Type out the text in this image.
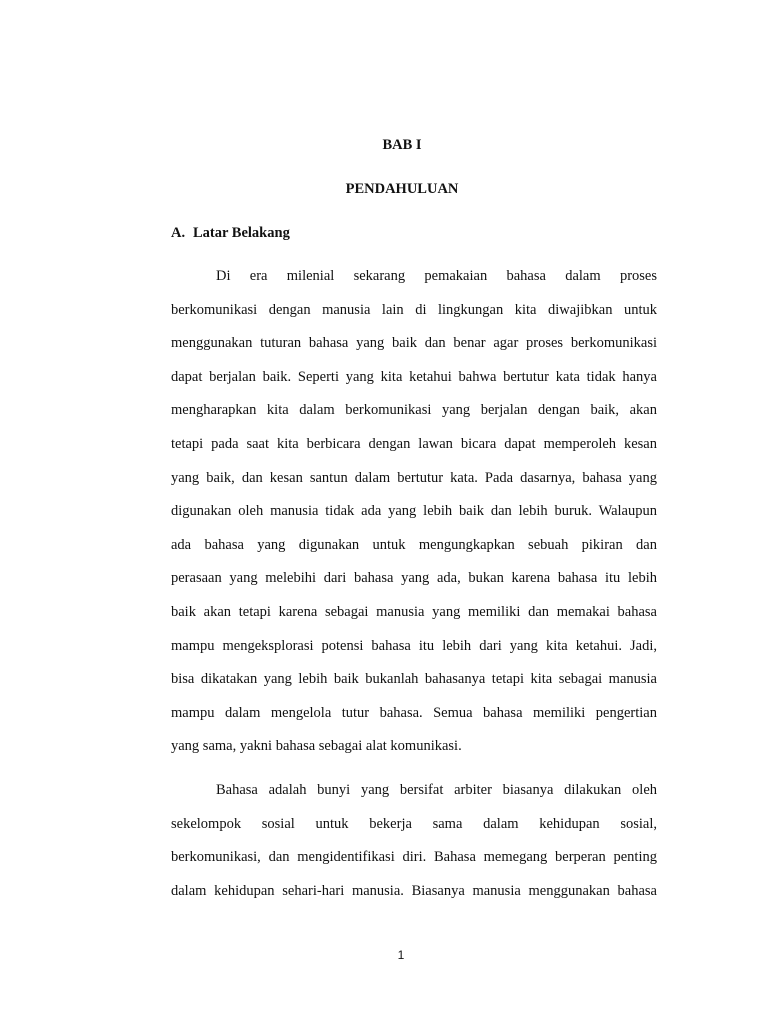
BAB I
PENDAHULUAN
A. Latar Belakang
Di era milenial sekarang pemakaian bahasa dalam proses
berkomunikasi dengan manusia lain di lingkungan kita diwajibkan untuk
menggunakan tuturan bahasa yang baik dan benar agar proses berkomunikasi
dapat berjalan baik. Seperti yang kita ketahui bahwa bertutur kata tidak hanya
mengharapkan kita dalam berkomunikasi yang berjalan dengan baik, akan
tetapi pada saat kita berbicara dengan lawan bicara dapat memperoleh kesan
yang baik, dan kesan santun dalam bertutur kata. Pada dasarnya, bahasa yang
digunakan oleh manusia tidak ada yang lebih baik dan lebih buruk. Walaupun
ada bahasa yang digunakan untuk mengungkapkan sebuah pikiran dan
perasaan yang melebihi dari bahasa yang ada, bukan karena bahasa itu lebih
baik akan tetapi karena sebagai manusia yang memiliki dan memakai bahasa
mampu mengeksplorasi potensi bahasa itu lebih dari yang kita ketahui. Jadi,
bisa dikatakan yang lebih baik bukanlah bahasanya tetapi kita sebagai manusia
mampu dalam mengelola tutur bahasa. Semua bahasa memiliki pengertian
yang sama, yakni bahasa sebagai alat komunikasi.
Bahasa adalah bunyi yang bersifat arbiter biasanya dilakukan oleh
sekelompok sosial untuk bekerja sama dalam kehidupan sosial,
berkomunikasi, dan mengidentifikasi diri. Bahasa memegang berperan penting
dalam kehidupan sehari-hari manusia. Biasanya manusia menggunakan bahasa

1
